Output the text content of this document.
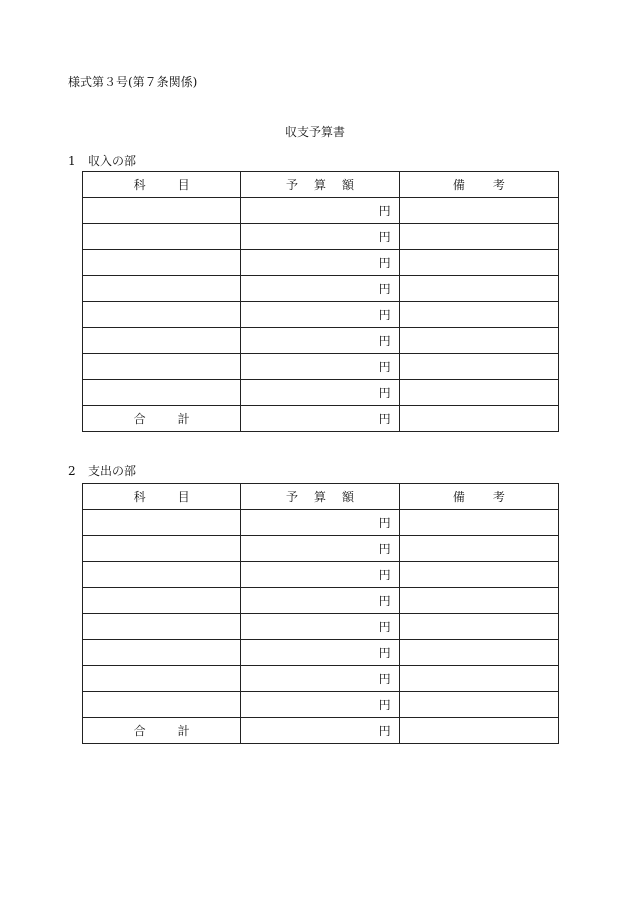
様式第３号(第７条関係)
収支予算書
1 収入の部
科目	予算額	備考
	円	
	円	
	円	
	円	
	円	
	円	
	円	
	円	
合計	円	
2 支出の部
科目	予算額	備考
	円	
	円	
	円	
	円	
	円	
	円	
	円	
	円	
合計	円	
